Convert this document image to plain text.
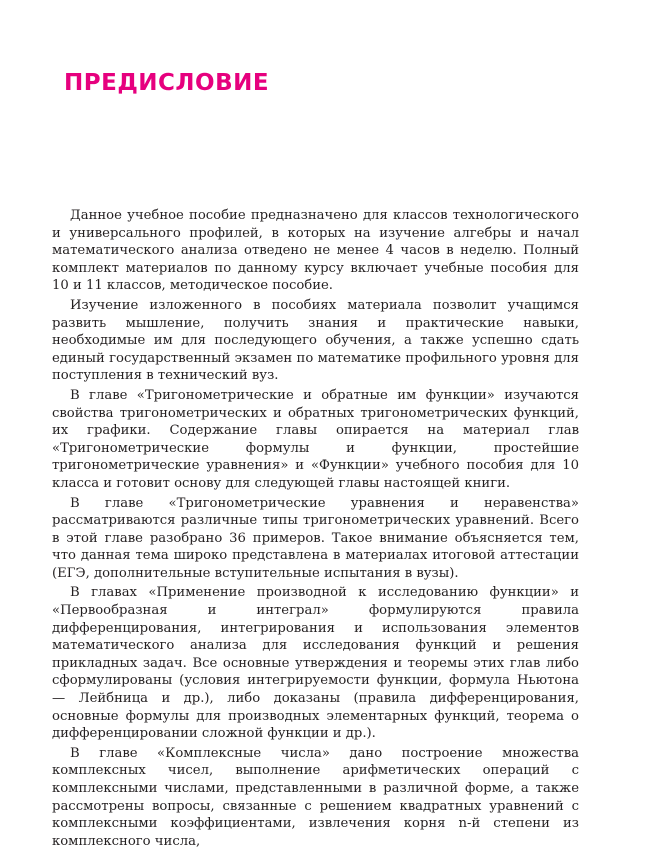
ПРЕДИСЛОВИЕ

Данное учебное пособие предназначено для классов технологического и универсального профилей, в которых на изучение алгебры и начал математического анализа отведено не менее 4 часов в неделю. Полный комплект материалов по данному курсу включает учебные пособия для 10 и 11 классов, методическое пособие.

Изучение изложенного в пособиях материала позволит учащимся развить мышление, получить знания и практические навыки, необходимые им для последующего обучения, а также успешно сдать единый государственный экзамен по математике профильного уровня для поступления в технический вуз.

В главе «Тригонометрические и обратные им функции» изучаются свойства тригонометрических и обратных тригонометрических функций, их графики. Содержание главы опирается на материал глав «Тригонометрические формулы и функции, простейшие тригонометрические уравнения» и «Функции» учебного пособия для 10 класса и готовит основу для следующей главы настоящей книги.

В главе «Тригонометрические уравнения и неравенства» рассматриваются различные типы тригонометрических уравнений. Всего в этой главе разобрано 36 примеров. Такое внимание объясняется тем, что данная тема широко представлена в материалах итоговой аттестации (ЕГЭ, дополнительные вступительные испытания в вузы).

В главах «Применение производной к исследованию функции» и «Первообразная и интеграл» формулируются правила дифференцирования, интегрирования и использования элементов математического анализа для исследования функций и решения прикладных задач. Все основные утверждения и теоремы этих глав либо сформулированы (условия интегрируемости функции, формула Ньютона — Лейбница и др.), либо доказаны (правила дифференцирования, основные формулы для производных элементарных функций, теорема о дифференцировании сложной функции и др.).

В главе «Комплексные числа» дано построение множества комплексных чисел, выполнение арифметических операций с комплексными числами, представленными в различной форме, а также рассмотрены вопросы, связанные с решением квадратных уравнений с комплексными коэффициентами, извлечения корня n-й степени из комплексного числа,
